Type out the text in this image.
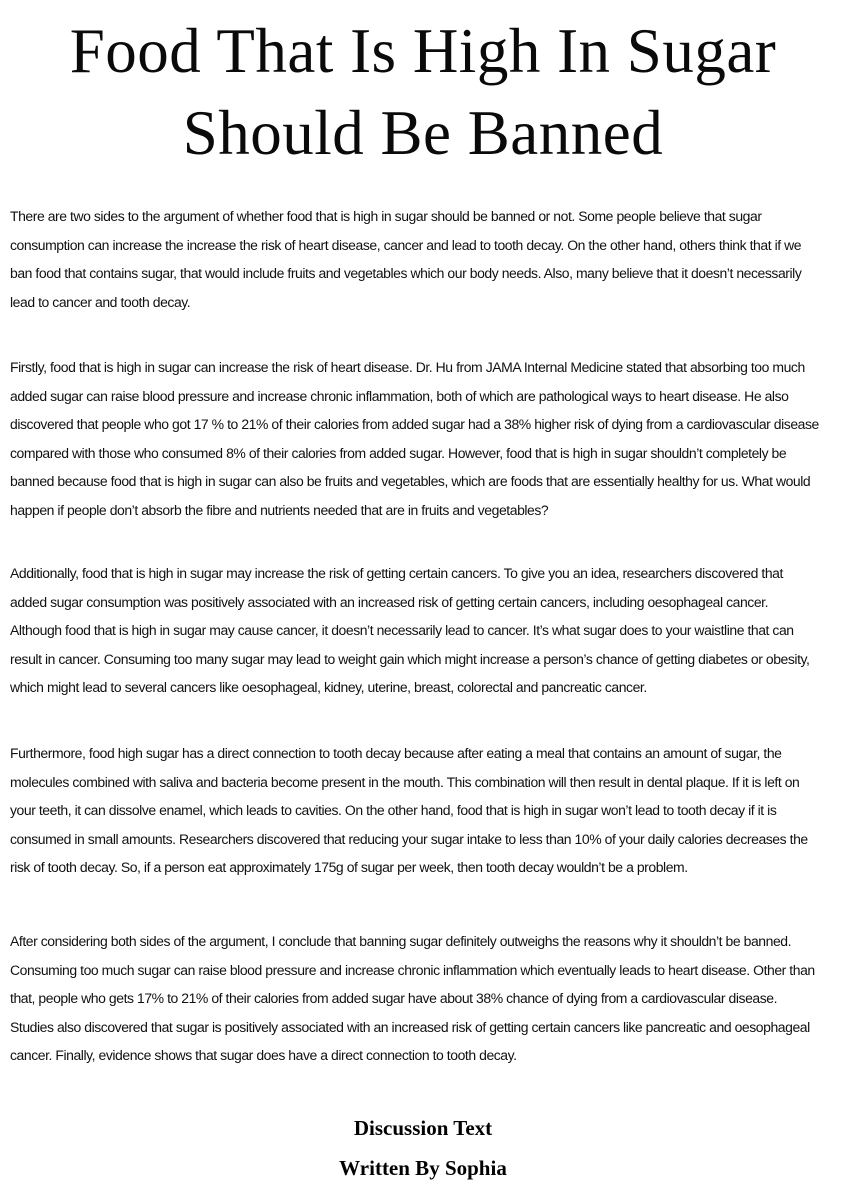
Food That Is High In Sugar Should Be Banned

There are two sides to the argument of whether food that is high in sugar should be banned or not. Some people believe that sugar consumption can increase the increase the risk of heart disease, cancer and lead to tooth decay. On the other hand, others think that if we ban food that contains sugar, that would include fruits and vegetables which our body needs. Also, many believe that it doesn’t necessarily lead to cancer and tooth decay.

Firstly, food that is high in sugar can increase the risk of heart disease. Dr. Hu from JAMA Internal Medicine stated that absorbing too much added sugar can raise blood pressure and increase chronic inflammation, both of which are pathological ways to heart disease. He also discovered that people who got 17 % to 21% of their calories from added sugar had a 38% higher risk of dying from a cardiovascular disease compared with those who consumed 8% of their calories from added sugar. However, food that is high in sugar shouldn’t completely be banned because food that is high in sugar can also be fruits and vegetables, which are foods that are essentially healthy for us. What would happen if people don’t absorb the fibre and nutrients needed that are in fruits and vegetables?

Additionally, food that is high in sugar may increase the risk of getting certain cancers. To give you an idea, researchers discovered that added sugar consumption was positively associated with an increased risk of getting certain cancers, including oesophageal cancer. Although food that is high in sugar may cause cancer, it doesn’t necessarily lead to cancer. It’s what sugar does to your waistline that can result in cancer. Consuming too many sugar may lead to weight gain which might increase a person’s chance of getting diabetes or obesity, which might lead to several cancers like oesophageal, kidney, uterine, breast, colorectal and pancreatic cancer.

Furthermore, food high sugar has a direct connection to tooth decay because after eating a meal that contains an amount of sugar, the molecules combined with saliva and bacteria become present in the mouth. This combination will then result in dental plaque. If it is left on your teeth, it can dissolve enamel, which leads to cavities. On the other hand, food that is high in sugar won’t lead to tooth decay if it is consumed in small amounts. Researchers discovered that reducing your sugar intake to less than 10% of your daily calories decreases the risk of tooth decay. So, if a person eat approximately 175g of sugar per week, then tooth decay wouldn’t be a problem.

After considering both sides of the argument, I conclude that banning sugar definitely outweighs the reasons why it shouldn’t be banned. Consuming too much sugar can raise blood pressure and increase chronic inflammation which eventually leads to heart disease. Other than that, people who gets 17% to 21% of their calories from added sugar have about 38% chance of dying from a cardiovascular disease. Studies also discovered that sugar is positively associated with an increased risk of getting certain cancers like pancreatic and oesophageal cancer. Finally, evidence shows that sugar does have a direct connection to tooth decay.

Discussion Text

Written By Sophia
